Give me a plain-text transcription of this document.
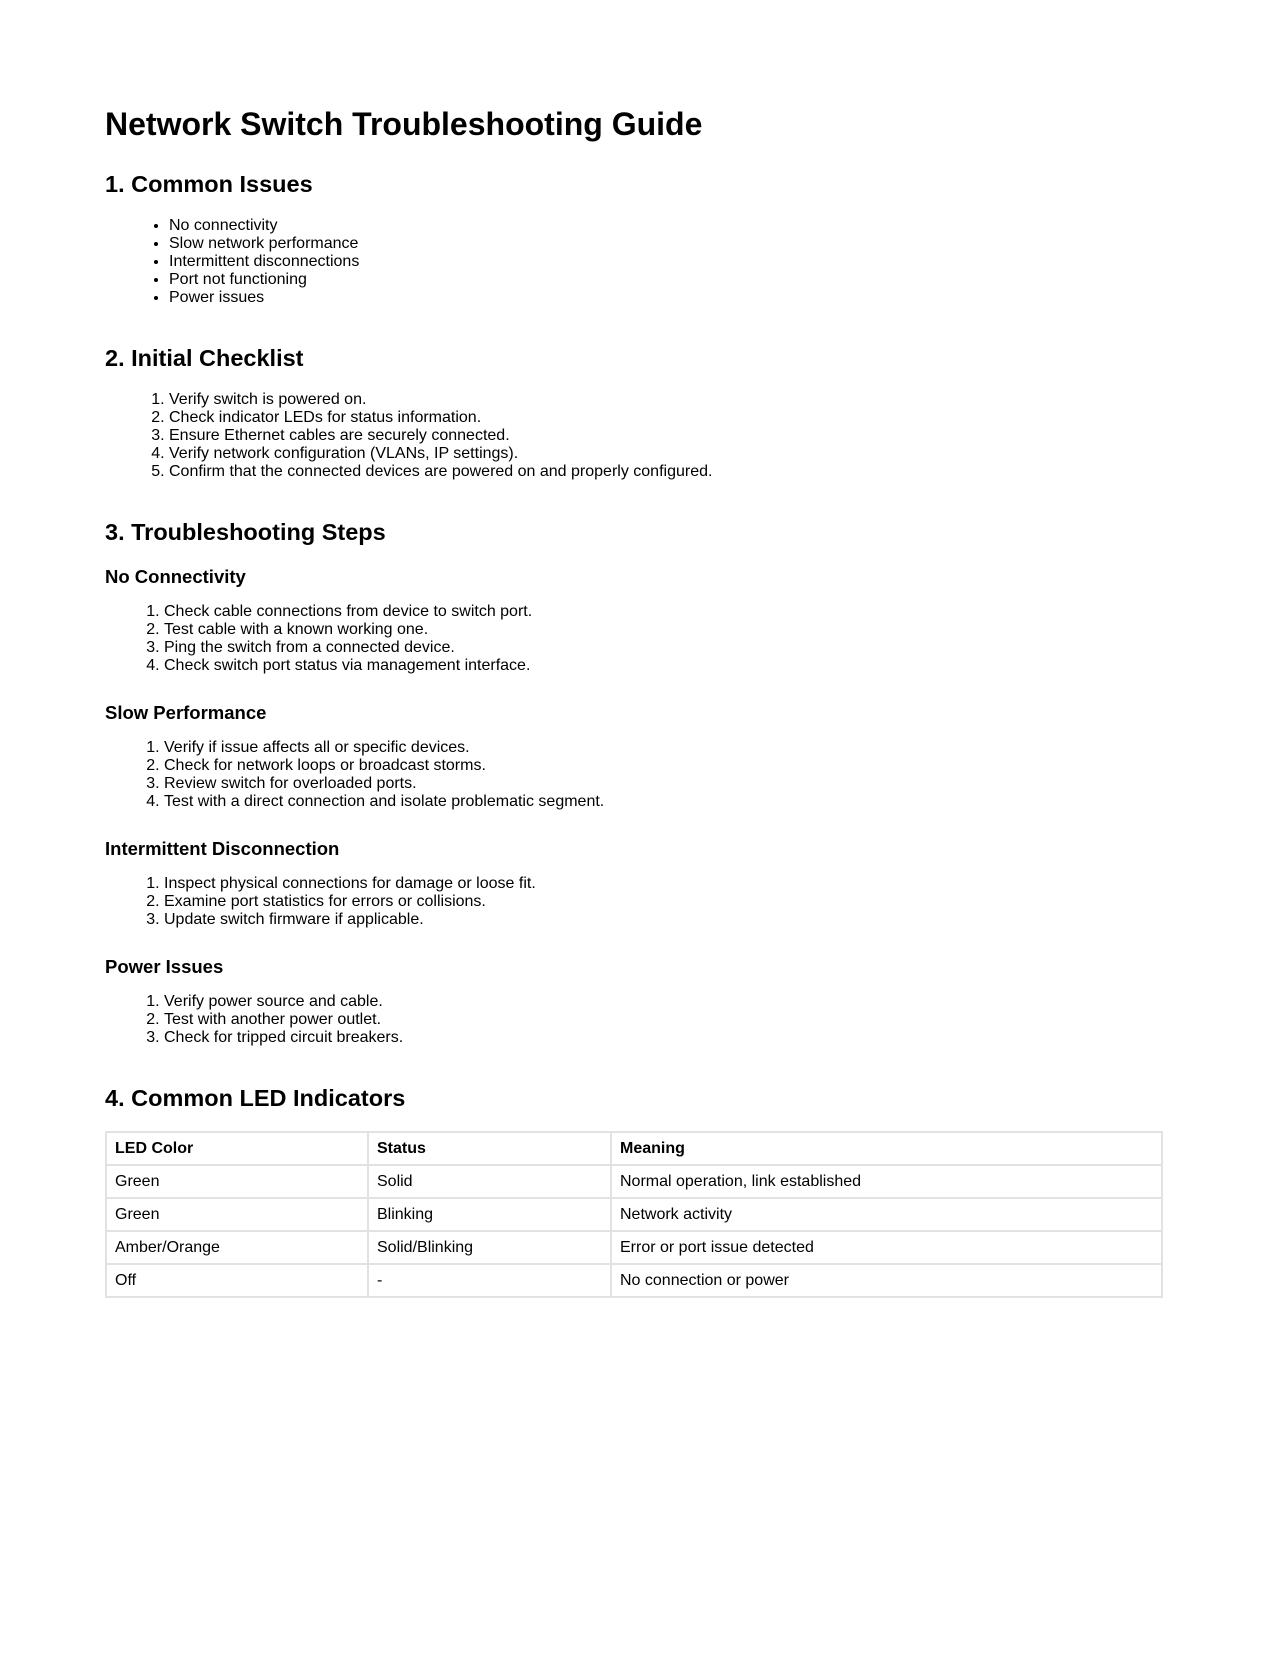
Network Switch Troubleshooting Guide
1. Common Issues
• No connectivity
• Slow network performance
• Intermittent disconnections
• Port not functioning
• Power issues
2. Initial Checklist
1. Verify switch is powered on.
2. Check indicator LEDs for status information.
3. Ensure Ethernet cables are securely connected.
4. Verify network configuration (VLANs, IP settings).
5. Confirm that the connected devices are powered on and properly configured.
3. Troubleshooting Steps
No Connectivity
1. Check cable connections from device to switch port.
2. Test cable with a known working one.
3. Ping the switch from a connected device.
4. Check switch port status via management interface.
Slow Performance
1. Verify if issue affects all or specific devices.
2. Check for network loops or broadcast storms.
3. Review switch for overloaded ports.
4. Test with a direct connection and isolate problematic segment.
Intermittent Disconnection
1. Inspect physical connections for damage or loose fit.
2. Examine port statistics for errors or collisions.
3. Update switch firmware if applicable.
Power Issues
1. Verify power source and cable.
2. Test with another power outlet.
3. Check for tripped circuit breakers.
4. Common LED Indicators
LED Color	Status	Meaning
Green	Solid	Normal operation, link established
Green	Blinking	Network activity
Amber/Orange	Solid/Blinking	Error or port issue detected
Off	-	No connection or power
